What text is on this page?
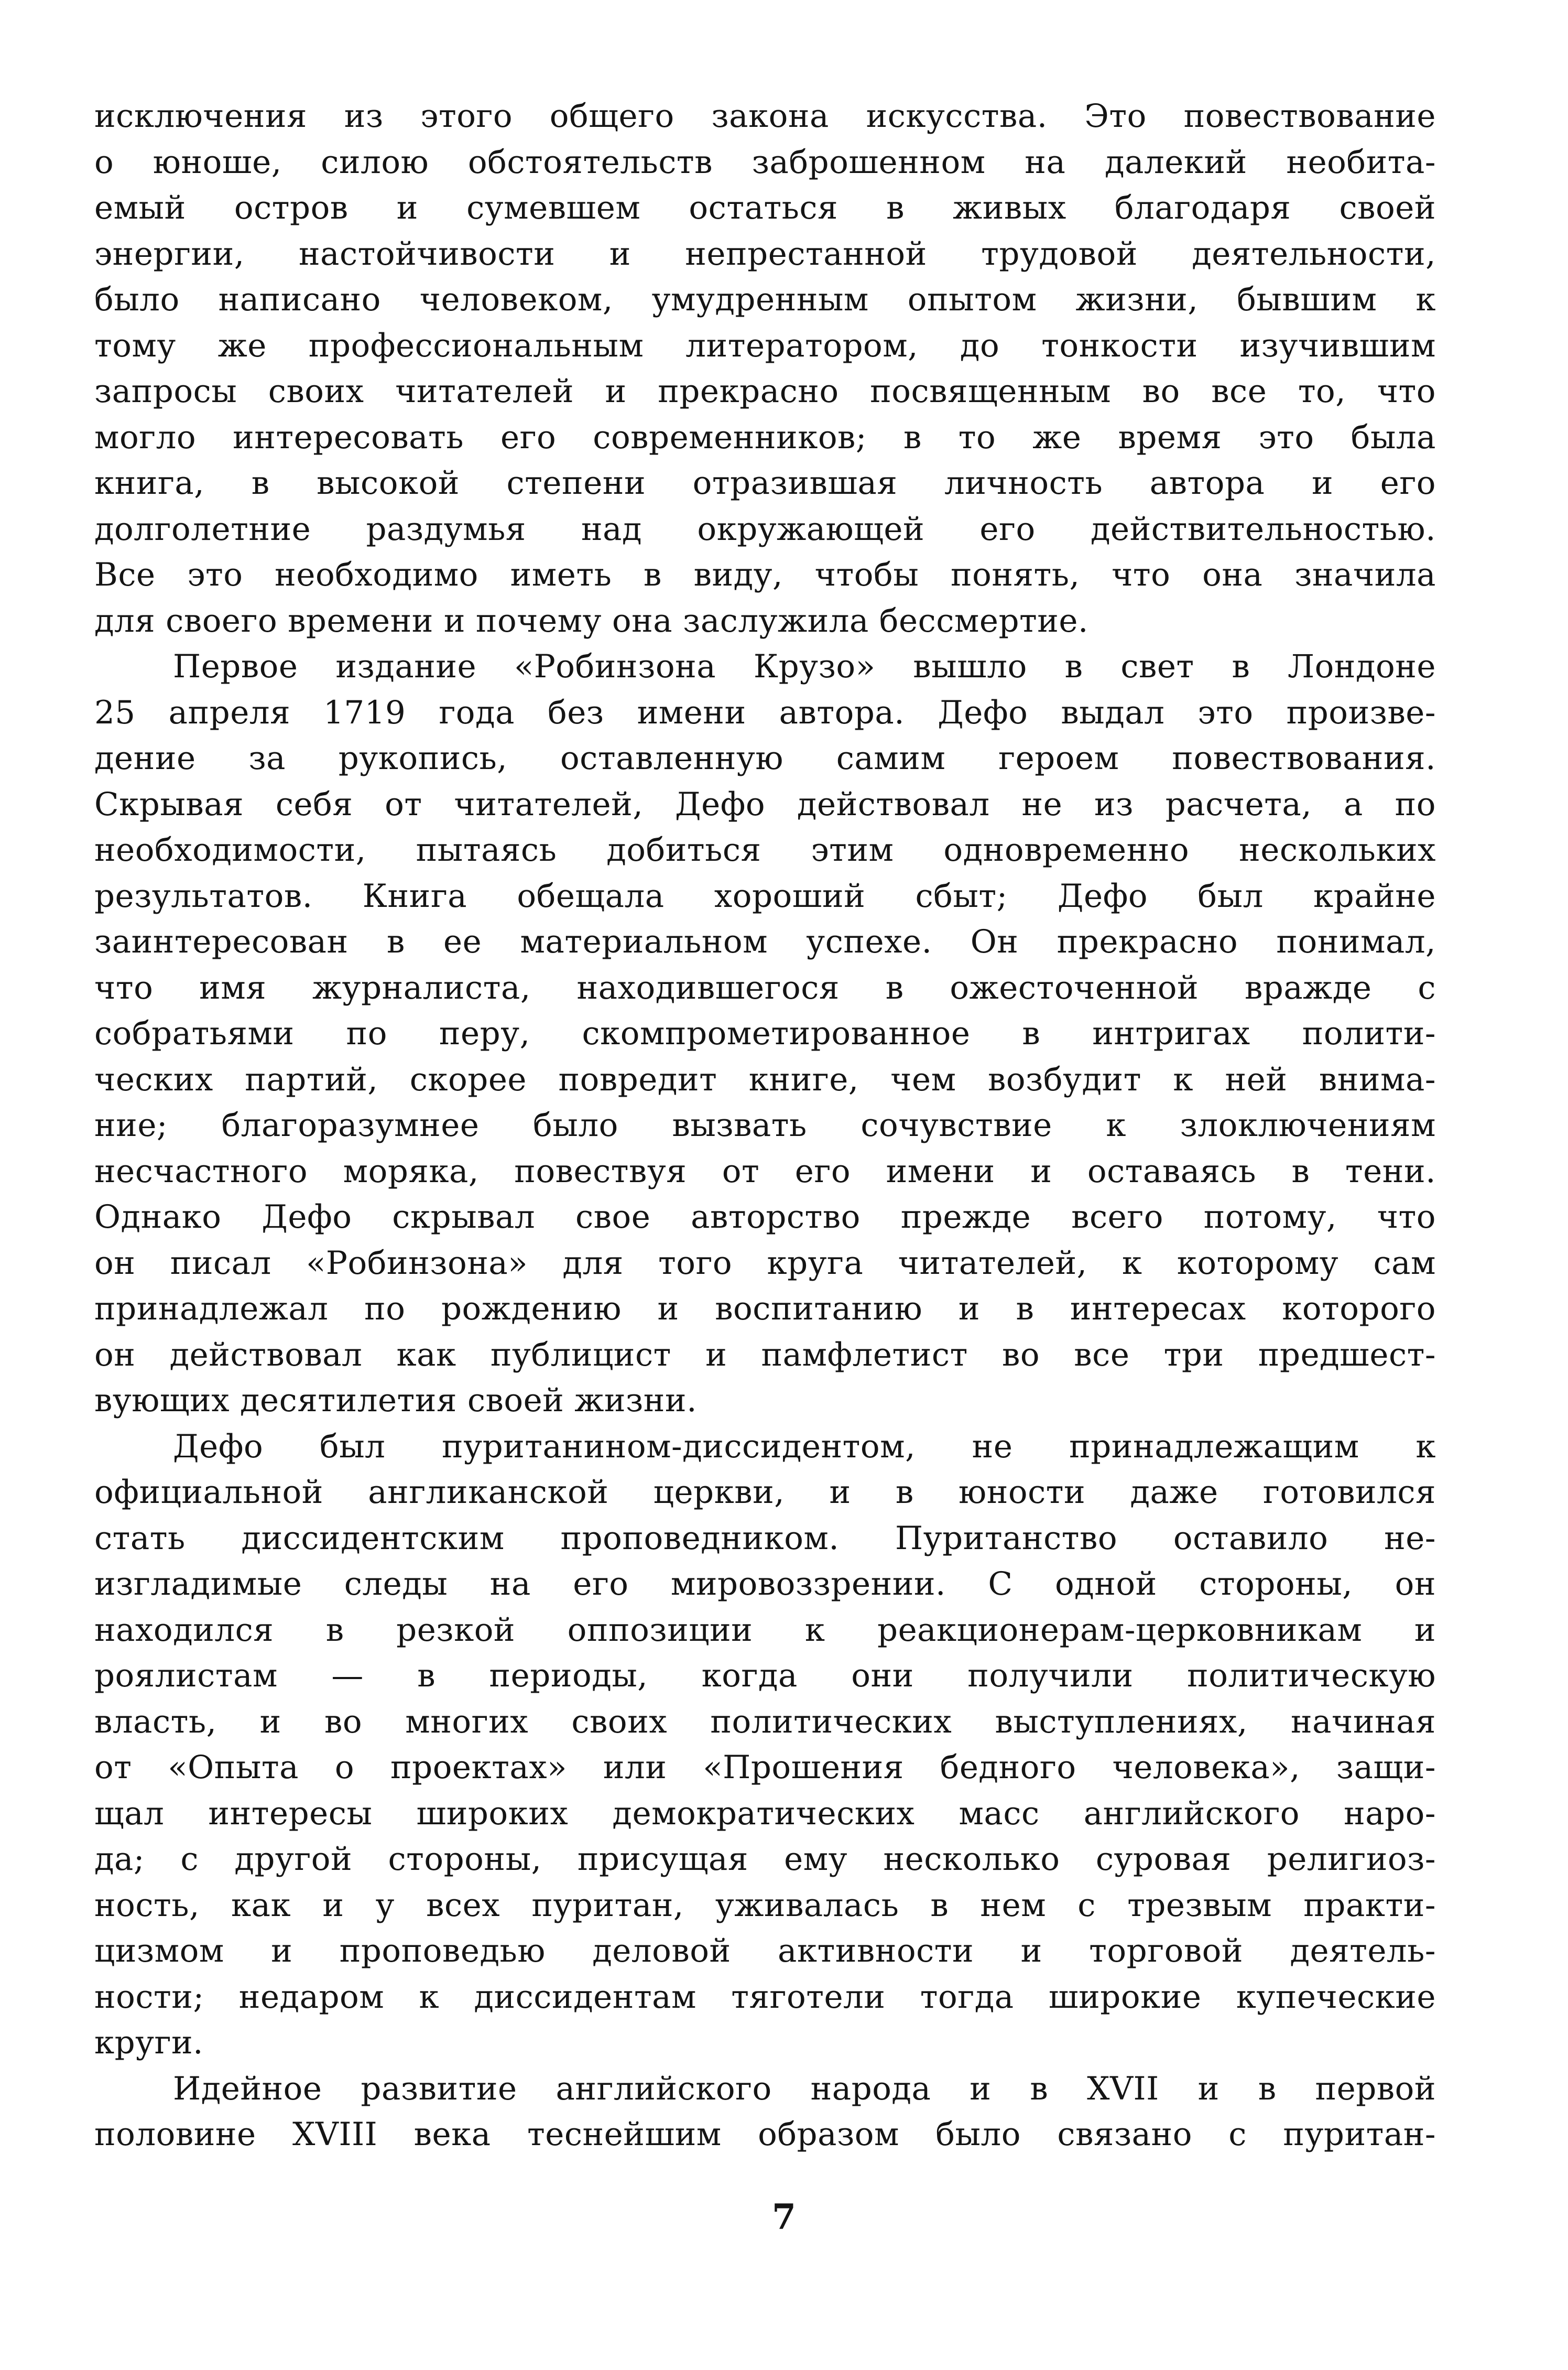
исключения из этого общего закона искусства. Это повествование
о юноше, силою обстоятельств заброшенном на далекий необита-
емый остров и сумевшем остаться в живых благодаря своей
энергии, настойчивости и непрестанной трудовой деятельности,
было написано человеком, умудренным опытом жизни, бывшим к
тому же профессиональным литератором, до тонкости изучившим
запросы своих читателей и прекрасно посвященным во все то, что
могло интересовать его современников; в то же время это была
книга, в высокой степени отразившая личность автора и его
долголетние раздумья над окружающей его действительностью.
Все это необходимо иметь в виду, чтобы понять, что она значила
для своего времени и почему она заслужила бессмертие.
Первое издание «Робинзона Крузо» вышло в свет в Лондоне
25 апреля 1719 года без имени автора. Дефо выдал это произве-
дение за рукопись, оставленную самим героем повествования.
Скрывая себя от читателей, Дефо действовал не из расчета, а по
необходимости, пытаясь добиться этим одновременно нескольких
результатов. Книга обещала хороший сбыт; Дефо был крайне
заинтересован в ее материальном успехе. Он прекрасно понимал,
что имя журналиста, находившегося в ожесточенной вражде с
собратьями по перу, скомпрометированное в интригах полити-
ческих партий, скорее повредит книге, чем возбудит к ней внима-
ние; благоразумнее было вызвать сочувствие к злоключениям
несчастного моряка, повествуя от его имени и оставаясь в тени.
Однако Дефо скрывал свое авторство прежде всего потому, что
он писал «Робинзона» для того круга читателей, к которому сам
принадлежал по рождению и воспитанию и в интересах которого
он действовал как публицист и памфлетист во все три предшест-
вующих десятилетия своей жизни.
Дефо был пуританином-диссидентом, не принадлежащим к
официальной англиканской церкви, и в юности даже готовился
стать диссидентским проповедником. Пуританство оставило не-
изгладимые следы на его мировоззрении. С одной стороны, он
находился в резкой оппозиции к реакционерам-церковникам и
роялистам — в периоды, когда они получили политическую
власть, и во многих своих политических выступлениях, начиная
от «Опыта о проектах» или «Прошения бедного человека», защи-
щал интересы широких демократических масс английского наро-
да; с другой стороны, присущая ему несколько суровая религиоз-
ность, как и у всех пуритан, уживалась в нем с трезвым практи-
цизмом и проповедью деловой активности и торговой деятель-
ности; недаром к диссидентам тяготели тогда широкие купеческие
круги.
Идейное развитие английского народа и в XVII и в первой
половине XVIII века теснейшим образом было связано с пуритан-
7
